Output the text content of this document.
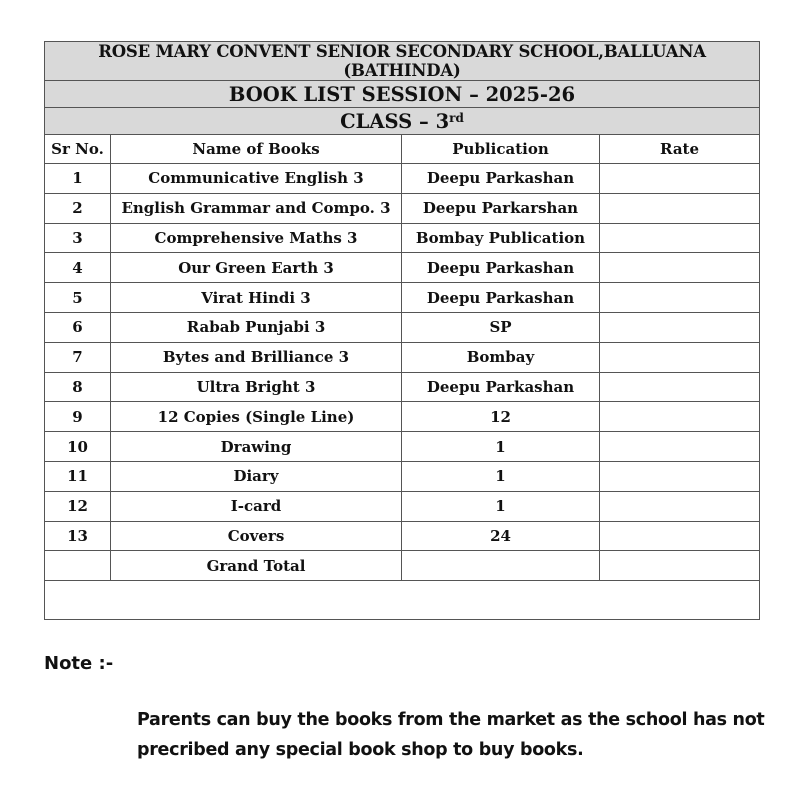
ROSE MARY CONVENT SENIOR SECONDARY SCHOOL,BALLUANA (BATHINDA)			
BOOK LIST SESSION – 2025-26			
CLASS – 3rd
Sr No.	Name of Books	Publication	Rate
1	Communicative English 3	Deepu Parkashan	
2	English Grammar and Compo. 3	Deepu Parkarshan	
3	Comprehensive Maths 3	Bombay Publication	
4	Our Green Earth 3	Deepu Parkashan	
5	Virat Hindi 3	Deepu Parkashan	
6	Rabab Punjabi 3	SP	
7	Bytes and Brilliance 3	Bombay	
8	Ultra Bright 3	Deepu Parkashan	
9	12 Copies (Single Line)	12	
10	Drawing	1	
11	Diary	1	
12	I-card	1	
13	Covers	24	
	Grand Total		

Note :-
Parents can buy the books from the market as the school has not precribed any special book shop to buy books.
